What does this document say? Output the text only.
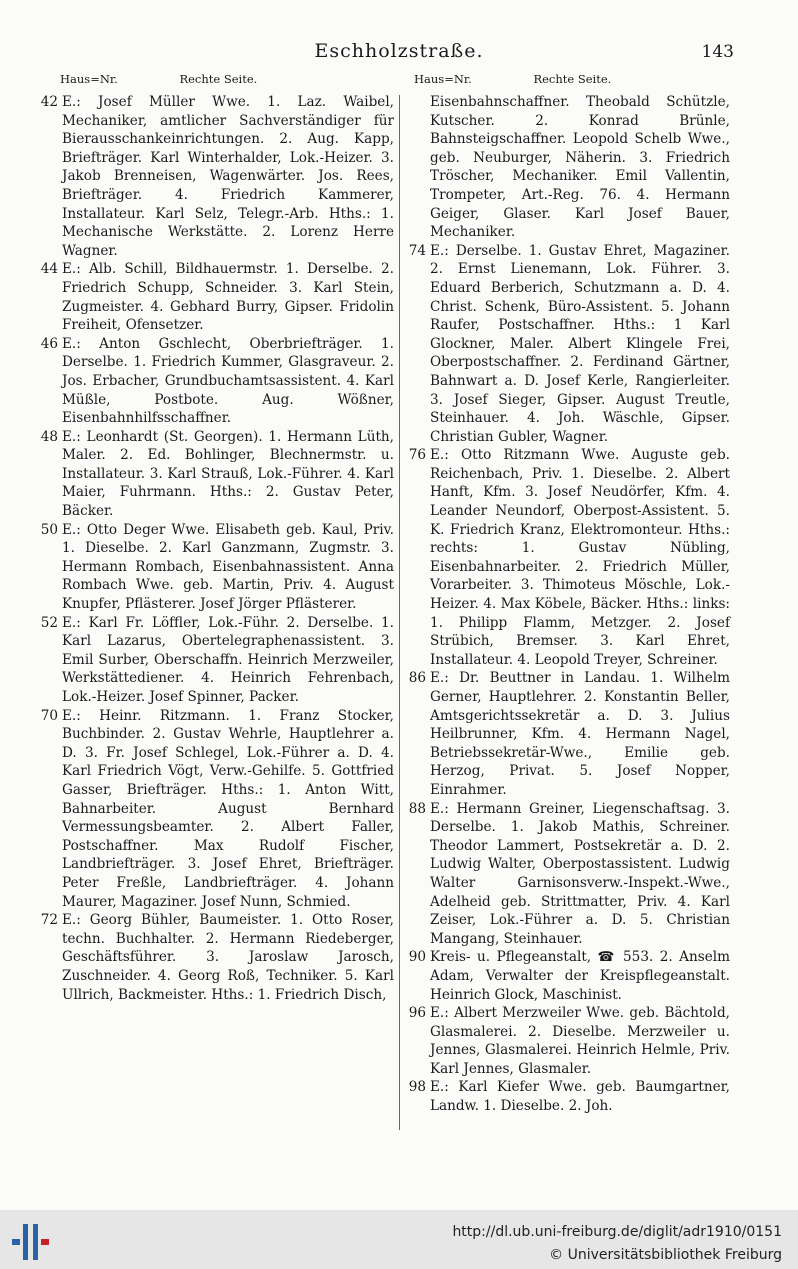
Eschholzstraße.	143
Haus=Nr.	Rechte Seite.	Haus=Nr.	Rechte Seite.
42 E.: Josef Müller Wwe. 1. Laz. Waibel, Mechaniker, amtlicher Sachverständiger für Bierausschankeinrichtungen. 2. Aug. Kapp, Briefträger. Karl Winterhalder, Lok.-Heizer. 3. Jakob Brenneisen, Wagenwärter. Jos. Rees, Briefträger. 4. Friedrich Kammerer, Installateur. Karl Selz, Telegr.-Arb. Hths.: 1. Mechanische Werkstätte. 2. Lorenz Herre Wagner.
44 E.: Alb. Schill, Bildhauermstr. 1. Derselbe. 2. Friedrich Schupp, Schneider. 3. Karl Stein, Zugmeister. 4. Gebhard Burry, Gipser. Fridolin Freiheit, Ofensetzer.
46 E.: Anton Gschlecht, Oberbriefträger. 1. Derselbe. 1. Friedrich Kummer, Glasgraveur. 2. Jos. Erbacher, Grundbuchamtsassistent. 4. Karl Müßle, Postbote. Aug. Wößner, Eisenbahnhilfsschaffner.
48 E.: Leonhardt (St. Georgen). 1. Hermann Lüth, Maler. 2. Ed. Bohlinger, Blechnermstr. u. Installateur. 3. Karl Strauß, Lok.-Führer. 4. Karl Maier, Fuhrmann. Hths.: 2. Gustav Peter, Bäcker.
50 E.: Otto Deger Wwe. Elisabeth geb. Kaul, Priv. 1. Dieselbe. 2. Karl Ganzmann, Zugmstr. 3. Hermann Rombach, Eisenbahnassistent. Anna Rombach Wwe. geb. Martin, Priv. 4. August Knupfer, Pflästerer. Josef Jörger Pflästerer.
52 E.: Karl Fr. Löffler, Lok.-Führ. 2. Derselbe. 1. Karl Lazarus, Obertelegraphenassistent. 3. Emil Surber, Oberschaffn. Heinrich Merzweiler, Werkstättediener. 4. Heinrich Fehrenbach, Lok.-Heizer. Josef Spinner, Packer.
70 E.: Heinr. Ritzmann. 1. Franz Stocker, Buchbinder. 2. Gustav Wehrle, Hauptlehrer a. D. 3. Fr. Josef Schlegel, Lok.-Führer a. D. 4. Karl Friedrich Vögt, Verw.-Gehilfe. 5. Gottfried Gasser, Briefträger. Hths.: 1. Anton Witt, Bahnarbeiter. August Bernhard Vermessungsbeamter. 2. Albert Faller, Postschaffner. Max Rudolf Fischer, Landbriefträger. 3. Josef Ehret, Briefträger. Peter Freßle, Landbriefträger. 4. Johann Maurer, Magaziner. Josef Nunn, Schmied.
72 E.: Georg Bühler, Baumeister. 1. Otto Roser, techn. Buchhalter. 2. Hermann Riedeberger, Geschäftsführer. 3. Jaroslaw Jarosch, Zuschneider. 4. Georg Roß, Techniker. 5. Karl Ullrich, Backmeister. Hths.: 1. Friedrich Disch,
Eisenbahnschaffner. Theobald Schützle, Kutscher. 2. Konrad Brünle, Bahnsteigschaffner. Leopold Schelb Wwe., geb. Neuburger, Näherin. 3. Friedrich Tröscher, Mechaniker. Emil Vallentin, Trompeter, Art.-Reg. 76. 4. Hermann Geiger, Glaser. Karl Josef Bauer, Mechaniker.
74 E.: Derselbe. 1. Gustav Ehret, Magaziner. 2. Ernst Lienemann, Lok. Führer. 3. Eduard Berberich, Schutzmann a. D. 4. Christ. Schenk, Büro-Assistent. 5. Johann Raufer, Postschaffner. Hths.: 1 Karl Glockner, Maler. Albert Klingele Frei, Oberpostschaffner. 2. Ferdinand Gärtner, Bahnwart a. D. Josef Kerle, Rangierleiter. 3. Josef Sieger, Gipser. August Treutle, Steinhauer. 4. Joh. Wäschle, Gipser. Christian Gubler, Wagner.
76 E.: Otto Ritzmann Wwe. Auguste geb. Reichenbach, Priv. 1. Dieselbe. 2. Albert Hanft, Kfm. 3. Josef Neudörfer, Kfm. 4. Leander Neundorf, Oberpost-Assistent. 5. K. Friedrich Kranz, Elektromonteur. Hths.: rechts: 1. Gustav Nübling, Eisenbahnarbeiter. 2. Friedrich Müller, Vorarbeiter. 3. Thimoteus Möschle, Lok.-Heizer. 4. Max Köbele, Bäcker. Hths.: links: 1. Philipp Flamm, Metzger. 2. Josef Strübich, Bremser. 3. Karl Ehret, Installateur. 4. Leopold Treyer, Schreiner.
86 E.: Dr. Beuttner in Landau. 1. Wilhelm Gerner, Hauptlehrer. 2. Konstantin Beller, Amtsgerichtssekretär a. D. 3. Julius Heilbrunner, Kfm. 4. Hermann Nagel, Betriebssekretär-Wwe., Emilie geb. Herzog, Privat. 5. Josef Nopper, Einrahmer.
88 E.: Hermann Greiner, Liegenschaftsag. 3. Derselbe. 1. Jakob Mathis, Schreiner. Theodor Lammert, Postsekretär a. D. 2. Ludwig Walter, Oberpostassistent. Ludwig Walter Garnisonsverw.-Inspekt.-Wwe., Adelheid geb. Strittmatter, Priv. 4. Karl Zeiser, Lok.-Führer a. D. 5. Christian Mangang, Steinhauer.
90 Kreis- u. Pflegeanstalt, ☎ 553. 2. Anselm Adam, Verwalter der Kreispflegeanstalt. Heinrich Glock, Maschinist.
96 E.: Albert Merzweiler Wwe. geb. Bächtold, Glasmalerei. 2. Dieselbe. Merzweiler u. Jennes, Glasmalerei. Heinrich Helmle, Priv. Karl Jennes, Glasmaler.
98 E.: Karl Kiefer Wwe. geb. Baumgartner, Landw. 1. Dieselbe. 2. Joh.
http://dl.ub.uni-freiburg.de/diglit/adr1910/0151
© Universitätsbibliothek Freiburg
